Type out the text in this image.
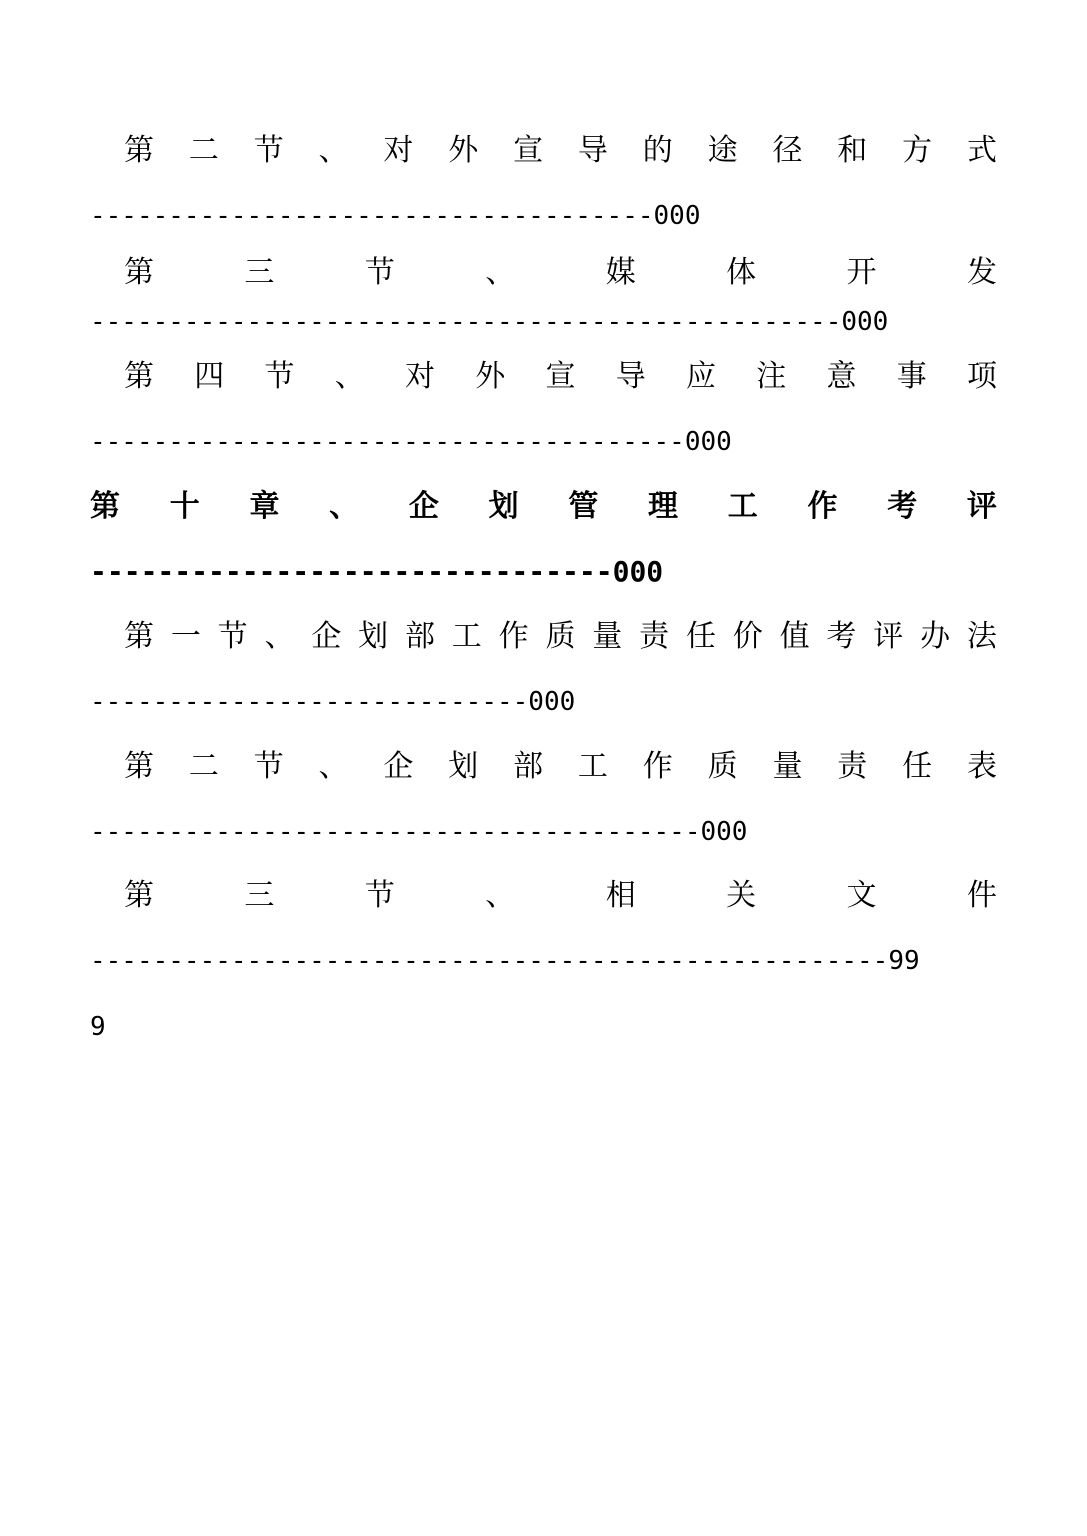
第 二 节 、 对 外 宣 导 的 途 径 和 方 式
------------------------------------000
第	三	节	、	媒	体	开	发
------------------------------------------------000
第 四 节 、 对 外 宣 导 应 注 意 事 项
--------------------------------------000
第 十 章 、 企 划 管 理 工 作 考 评
-------------------------------000
第 一 节 、 企 划 部 工 作 质 量 责 任 价 值 考 评 办 法
----------------------------000
第 二 节 、 企 划 部 工 作 质 量 责 任 表
---------------------------------------000
第	三	节	、	相	关	文	件
---------------------------------------------------99
9
